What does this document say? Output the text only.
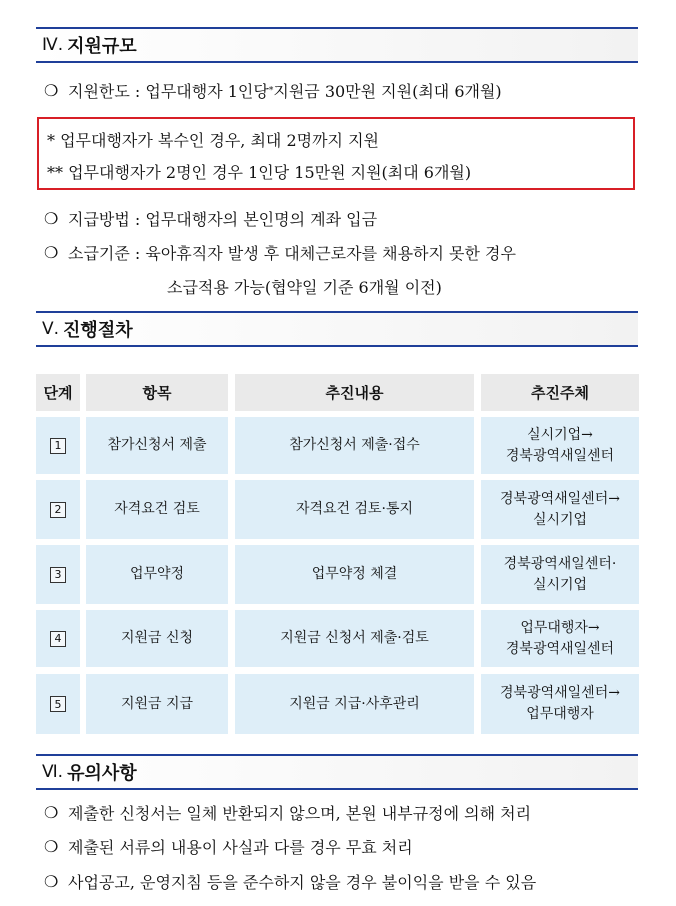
Ⅳ. 지원규모
❍ 지원한도 : 업무대행자 1인당 * 지원금 30만원 지원(최대 6개월)
* 업무대행자가 복수인 경우, 최대 2명까지 지원
** 업무대행자가 2명인 경우 1인당 15만원 지원(최대 6개월)
❍ 지급방법 : 업무대행자의 본인명의 계좌 입금
❍ 소급기준 : 육아휴직자 발생 후 대체근로자를 채용하지 못한 경우
소급적용 가능(협약일 기준 6개월 이전)
Ⅴ. 진행절차
단계	항목	추진내용	추진주체
1	참가신청서 제출	참가신청서 제출·접수
실시기업→
경북광역새일센터
2	자격요건 검토	자격요건 검토·통지
경북광역새일센터→
실시기업
3	업무약정	업무약정 체결
경북광역새일센터·
실시기업
4	지원금 신청	지원금 신청서 제출·검토
업무대행자→
경북광역새일센터
5	지원금 지급	지원금 지급·사후관리
경북광역새일센터→
업무대행자
Ⅵ. 유의사항
❍ 제출한 신청서는 일체 반환되지 않으며, 본원 내부규정에 의해 처리
❍ 제출된 서류의 내용이 사실과 다를 경우 무효 처리
❍ 사업공고, 운영지침 등을 준수하지 않을 경우 불이익을 받을 수 있음
